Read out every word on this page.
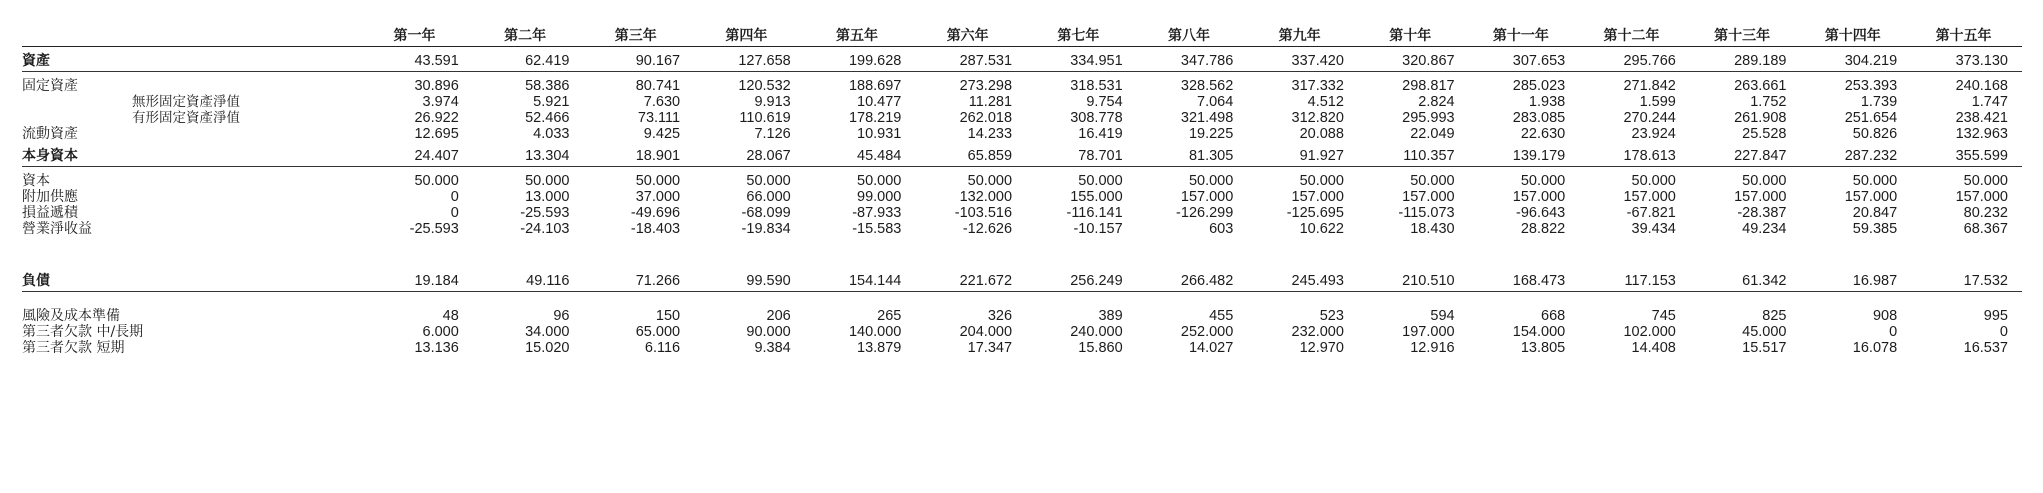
	第一年	第二年	第三年	第四年	第五年	第六年	第七年	第八年	第九年	第十年	第十一年	第十二年	第十三年	第十四年	第十五年
資產	43.591	62.419	90.167	127.658	199.628	287.531	334.951	347.786	337.420	320.867	307.653	295.766	289.189	304.219	373.130
固定資產	30.896	58.386	80.741	120.532	188.697	273.298	318.531	328.562	317.332	298.817	285.023	271.842	263.661	253.393	240.168
無形固定資產淨值	3.974	5.921	7.630	9.913	10.477	11.281	9.754	7.064	4.512	2.824	1.938	1.599	1.752	1.739	1.747
有形固定資產淨值	26.922	52.466	73.111	110.619	178.219	262.018	308.778	321.498	312.820	295.993	283.085	270.244	261.908	251.654	238.421
流動資產	12.695	4.033	9.425	7.126	10.931	14.233	16.419	19.225	20.088	22.049	22.630	23.924	25.528	50.826	132.963
本身資本	24.407	13.304	18.901	28.067	45.484	65.859	78.701	81.305	91.927	110.357	139.179	178.613	227.847	287.232	355.599
資本	50.000	50.000	50.000	50.000	50.000	50.000	50.000	50.000	50.000	50.000	50.000	50.000	50.000	50.000	50.000
附加供應	0	13.000	37.000	66.000	99.000	132.000	155.000	157.000	157.000	157.000	157.000	157.000	157.000	157.000	157.000
損益遞積	0	-25.593	-49.696	-68.099	-87.933	-103.516	-116.141	-126.299	-125.695	-115.073	-96.643	-67.821	-28.387	20.847	80.232
營業淨收益	-25.593	-24.103	-18.403	-19.834	-15.583	-12.626	-10.157	603	10.622	18.430	28.822	39.434	49.234	59.385	68.367

負債	19.184	49.116	71.266	99.590	154.144	221.672	256.249	266.482	245.493	210.510	168.473	117.153	61.342	16.987	17.532

風險及成本準備	48	96	150	206	265	326	389	455	523	594	668	745	825	908	995
第三者欠款 中/長期	6.000	34.000	65.000	90.000	140.000	204.000	240.000	252.000	232.000	197.000	154.000	102.000	45.000	0	0
第三者欠款 短期	13.136	15.020	6.116	9.384	13.879	17.347	15.860	14.027	12.970	12.916	13.805	14.408	15.517	16.078	16.537
